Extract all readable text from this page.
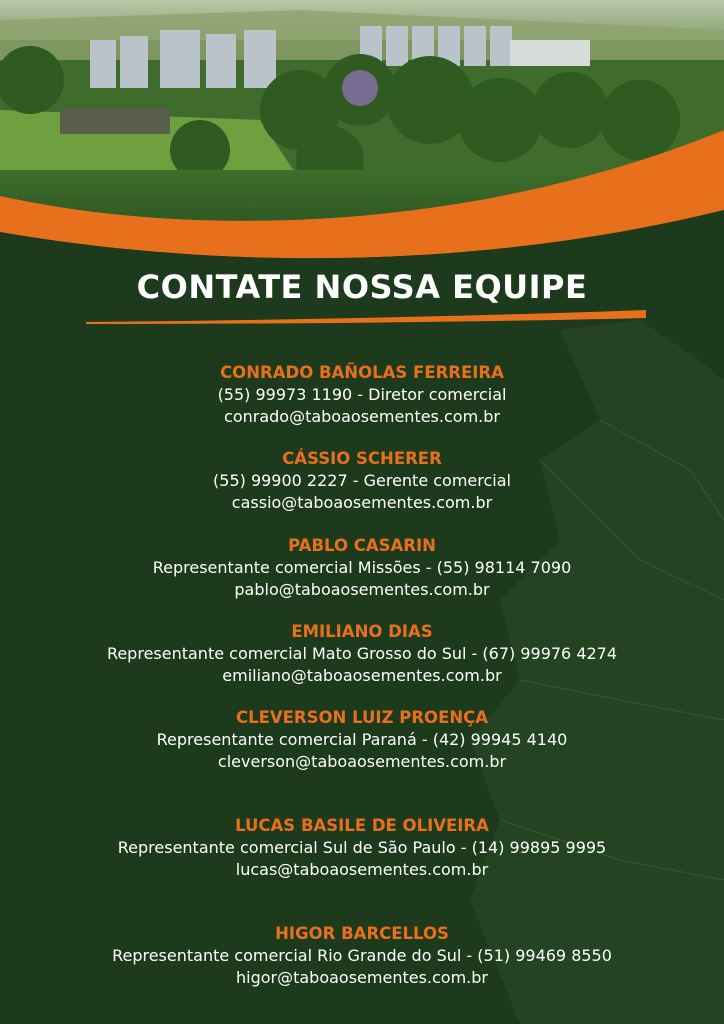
CONTATE NOSSA EQUIPE
CONRADO BAÑOLAS FERREIRA
(55) 99973 1190 - Diretor comercial
conrado@taboaosementes.com.br
CÁSSIO SCHERER
(55) 99900 2227 - Gerente comercial
cassio@taboaosementes.com.br
PABLO CASARIN
Representante comercial Missões - (55) 98114 7090
pablo@taboaosementes.com.br
EMILIANO DIAS
Representante comercial Mato Grosso do Sul - (67) 99976 4274
emiliano@taboaosementes.com.br
CLEVERSON LUIZ PROENÇA
Representante comercial Paraná - (42) 99945 4140
cleverson@taboaosementes.com.br
LUCAS BASILE DE OLIVEIRA
Representante comercial Sul de São Paulo - (14) 99895 9995
lucas@taboaosementes.com.br
HIGOR BARCELLOS
Representante comercial Rio Grande do Sul - (51) 99469 8550
higor@taboaosementes.com.br
